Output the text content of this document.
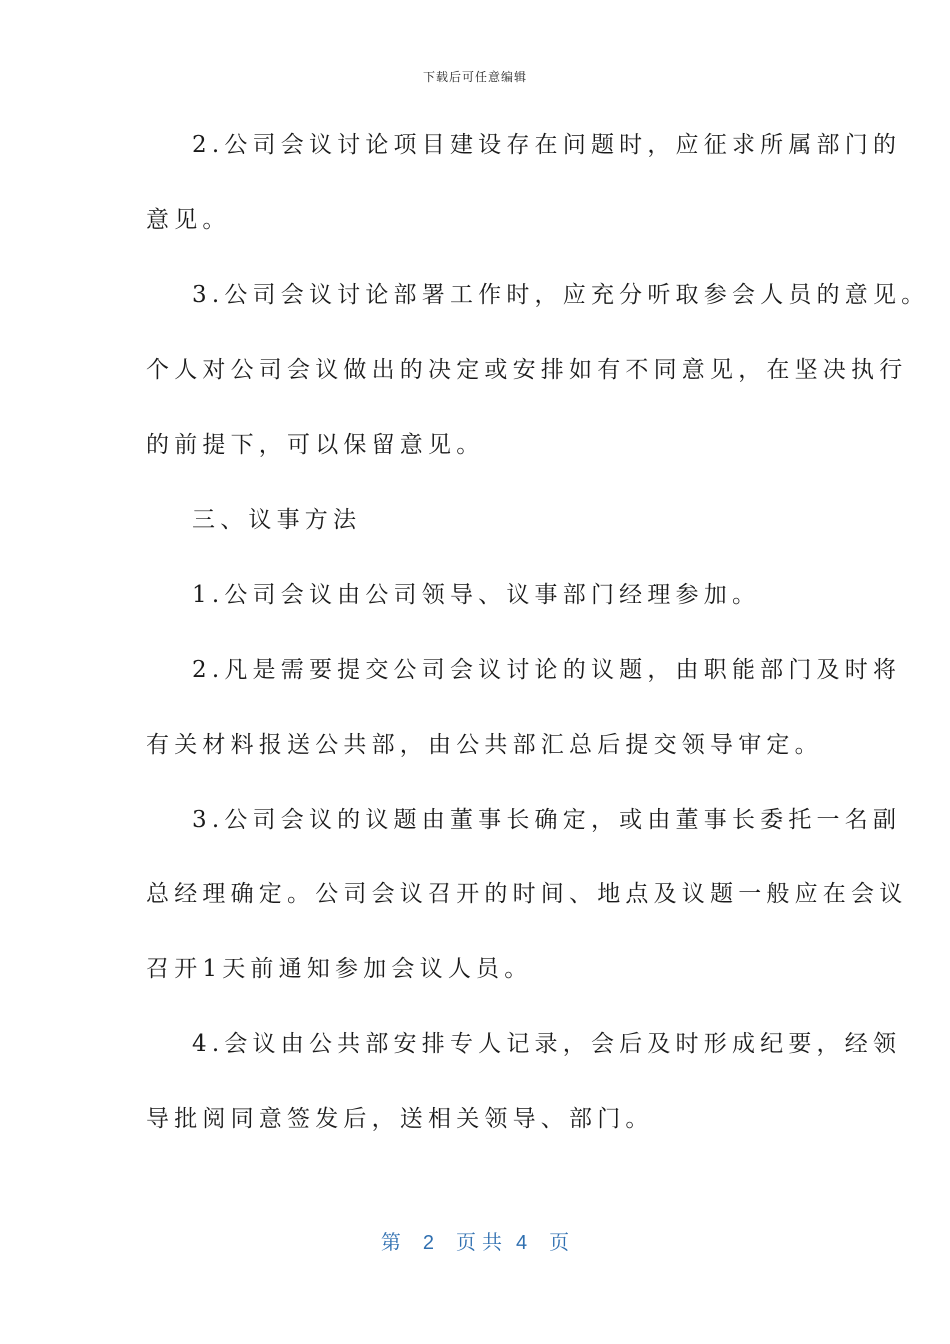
下载后可任意编辑
2.公司会议讨论项目建设存在问题时，应征求所属部门的
意见。
3.公司会议讨论部署工作时，应充分听取参会人员的意见。
个人对公司会议做出的决定或安排如有不同意见，在坚决执行
的前提下，可以保留意见。
三、议事方法
1.公司会议由公司领导、议事部门经理参加。
2.凡是需要提交公司会议讨论的议题，由职能部门及时将
有关材料报送公共部，由公共部汇总后提交领导审定。
3.公司会议的议题由董事长确定，或由董事长委托一名副
总经理确定。公司会议召开的时间、地点及议题一般应在会议
召开1天前通知参加会议人员。
4.会议由公共部安排专人记录，会后及时形成纪要，经领
导批阅同意签发后，送相关领导、部门。
第 2 页共 4 页
